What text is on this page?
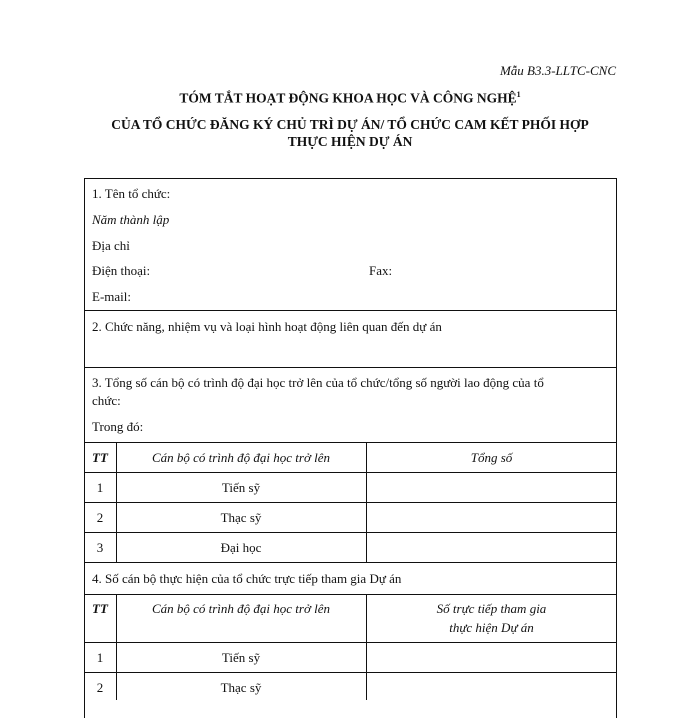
Mẫu B3.3-LLTC-CNC
TÓM TẮT HOẠT ĐỘNG KHOA HỌC VÀ CÔNG NGHỆ$^1$
CỦA TỔ CHỨC ĐĂNG KÝ CHỦ TRÌ DỰ ÁN/ TỔ CHỨC CAM KẾT PHỐI HỢP
THỰC HIỆN DỰ ÁN
1. Tên tổ chức:
Năm thành lập
Địa chỉ
Điện thoại:	Fax:
E-mail:
2. Chức năng, nhiệm vụ và loại hình hoạt động liên quan đến dự án
3. Tổng số cán bộ có trình độ đại học trở lên của tổ chức/tổng số người lao động của tổ
chức:
Trong đó:
TT	Cán bộ có trình độ đại học trở lên	Tổng số
1	Tiến sỹ
2	Thạc sỹ
3	Đại học
4. Số cán bộ thực hiện của tổ chức trực tiếp tham gia Dự án
TT	Cán bộ có trình độ đại học trở lên	Số trực tiếp tham gia
thực hiện Dự án
1	Tiến sỹ
2	Thạc sỹ
